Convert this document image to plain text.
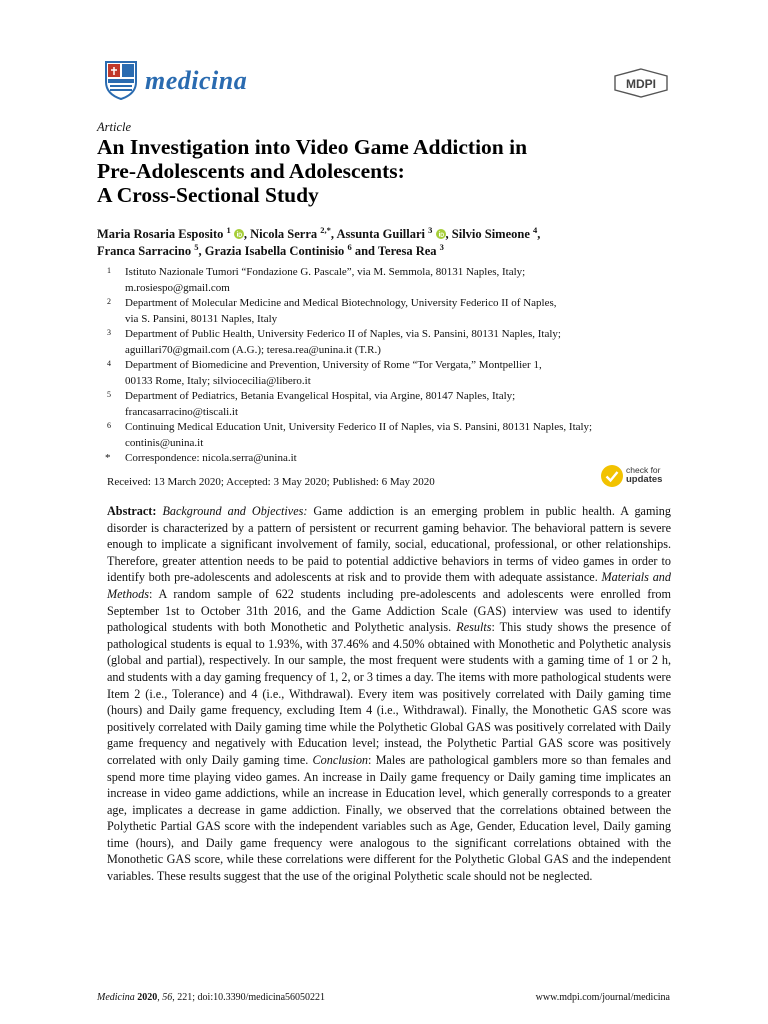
medicina	MDPI
Article
An Investigation into Video Game Addiction in
Pre-Adolescents and Adolescents:
A Cross-Sectional Study
Maria Rosaria Esposito $^1$ , Nicola Serra $^{2,*}$, Assunta Guillari $^3$ , Silvio Simeone $^4$,
Franca Sarracino $^5$, Grazia Isabella Continisio $^6$ and Teresa Rea $^3$
1 Istituto Nazionale Tumori “Fondazione G. Pascale”, via M. Semmola, 80131 Naples, Italy;
m.rosiespo@gmail.com
2 Department of Molecular Medicine and Medical Biotechnology, University Federico II of Naples,
via S. Pansini, 80131 Naples, Italy
3 Department of Public Health, University Federico II of Naples, via S. Pansini, 80131 Naples, Italy;
aguillari70@gmail.com (A.G.); teresa.rea@unina.it (T.R.)
4 Department of Biomedicine and Prevention, University of Rome “Tor Vergata,” Montpellier 1,
00133 Rome, Italy; silviocecilia@libero.it
5 Department of Pediatrics, Betania Evangelical Hospital, via Argine, 80147 Naples, Italy;
francasarracino@tiscali.it
6 Continuing Medical Education Unit, University Federico II of Naples, via S. Pansini, 80131 Naples, Italy;
continis@unina.it
* Correspondence: nicola.serra@unina.it
Received: 13 March 2020; Accepted: 3 May 2020; Published: 6 May 2020
check for
updates
Abstract: Background and Objectives: Game addiction is an emerging problem in public health. A gaming disorder is characterized by a pattern of persistent or recurrent gaming behavior. The behavioral pattern is severe enough to implicate a significant involvement of family, social, educational, professional, or other relationships. Therefore, greater attention needs to be paid to potential addictive behaviors in terms of video games in order to identify both pre-adolescents and adolescents at risk and to provide them with adequate assistance. Materials and Methods: A random sample of 622 students including pre-adolescents and adolescents were enrolled from September 1st to October 31th 2016, and the Game Addiction Scale (GAS) interview was used to identify pathological students with both Monothetic and Polythetic analysis. Results: This study shows the presence of pathological students is equal to 1.93%, with 37.46% and 4.50% obtained with Monothetic and Polythetic analysis (global and partial), respectively. In our sample, the most frequent were students with a gaming time of 1 or 2 h, and students with a day gaming frequency of 1, 2, or 3 times a day. The items with more pathological students were Item 2 (i.e., Tolerance) and 4 (i.e., Withdrawal). Every item was positively correlated with Daily gaming time (hours) and Daily game frequency, excluding Item 4 (i.e., Withdrawal). Finally, the Monothetic GAS score was positively correlated with Daily gaming time while the Polythetic Global GAS was positively correlated with Daily game frequency and negatively with Education level; instead, the Polythetic Partial GAS score was positively correlated with only Daily gaming time. Conclusion: Males are pathological gamblers more so than females and spend more time playing video games. An increase in Daily game frequency or Daily gaming time implicates an increase in video game addictions, while an increase in Education level, which generally corresponds to a greater age, implicates a decrease in game addiction. Finally, we observed that the correlations obtained between the Polythetic Partial GAS score with the independent variables such as Age, Gender, Education level, Daily gaming time (hours), and Daily game frequency were analogous to the significant correlations obtained with the Monothetic GAS score, while these correlations were different for the Polythetic Global GAS and the independent variables. These results suggest that the use of the original Polythetic scale should not be neglected.
Medicina 2020, 56, 221; doi:10.3390/medicina56050221	www.mdpi.com/journal/medicina
